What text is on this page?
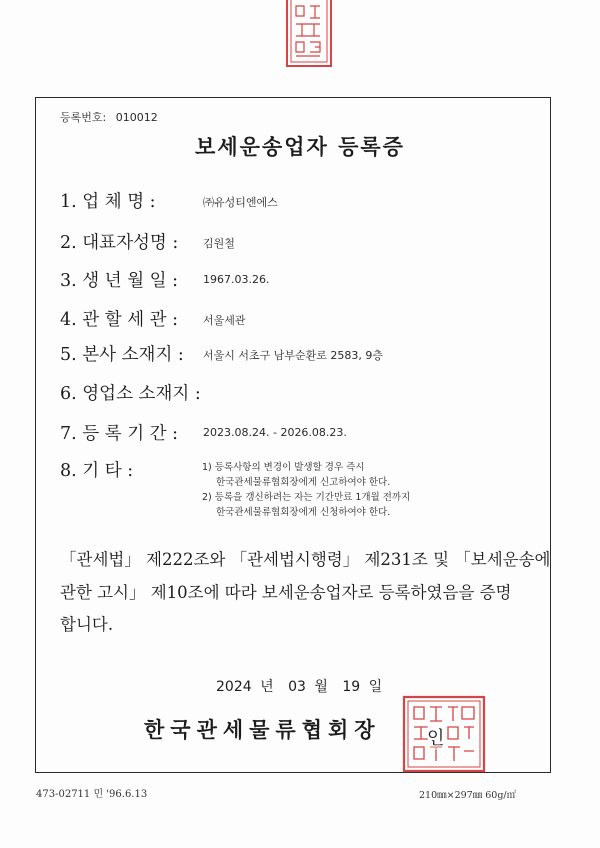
등록번호: 010012
보세운송업자 등록증
1. 업 체 명 :	㈜유성티엔에스
2. 대표자성명 : 김원철
3. 생 년 월 일 : 1967.03.26.
4. 관 할 세 관 : 서울세관
5. 본사 소재지 : 서울시 서초구 남부순환로 2583, 9층
6. 영업소 소재지 :
7. 등 록 기 간 : 2023.08.24. - 2026.08.23.
8. 기 타 :	1) 등록사항의 변경이 발생할 경우 즉시
한국관세물류협회장에게 신고하여야 한다.
2) 등록을 갱신하려는 자는 기간만료 1개월 전까지
한국관세물류협회장에게 신청하여야 한다.
「관세법」 제222조와 「관세법시행령」 제231조 및 「보세운송에
관한 고시」 제10조에 따라 보세운송업자로 등록하였음을 증명
합니다.
2024 년 03 월 19 일
한국관세물류협회장	인
473-02711 민 '96.6.13	210㎜×297㎜ 60g/㎡
